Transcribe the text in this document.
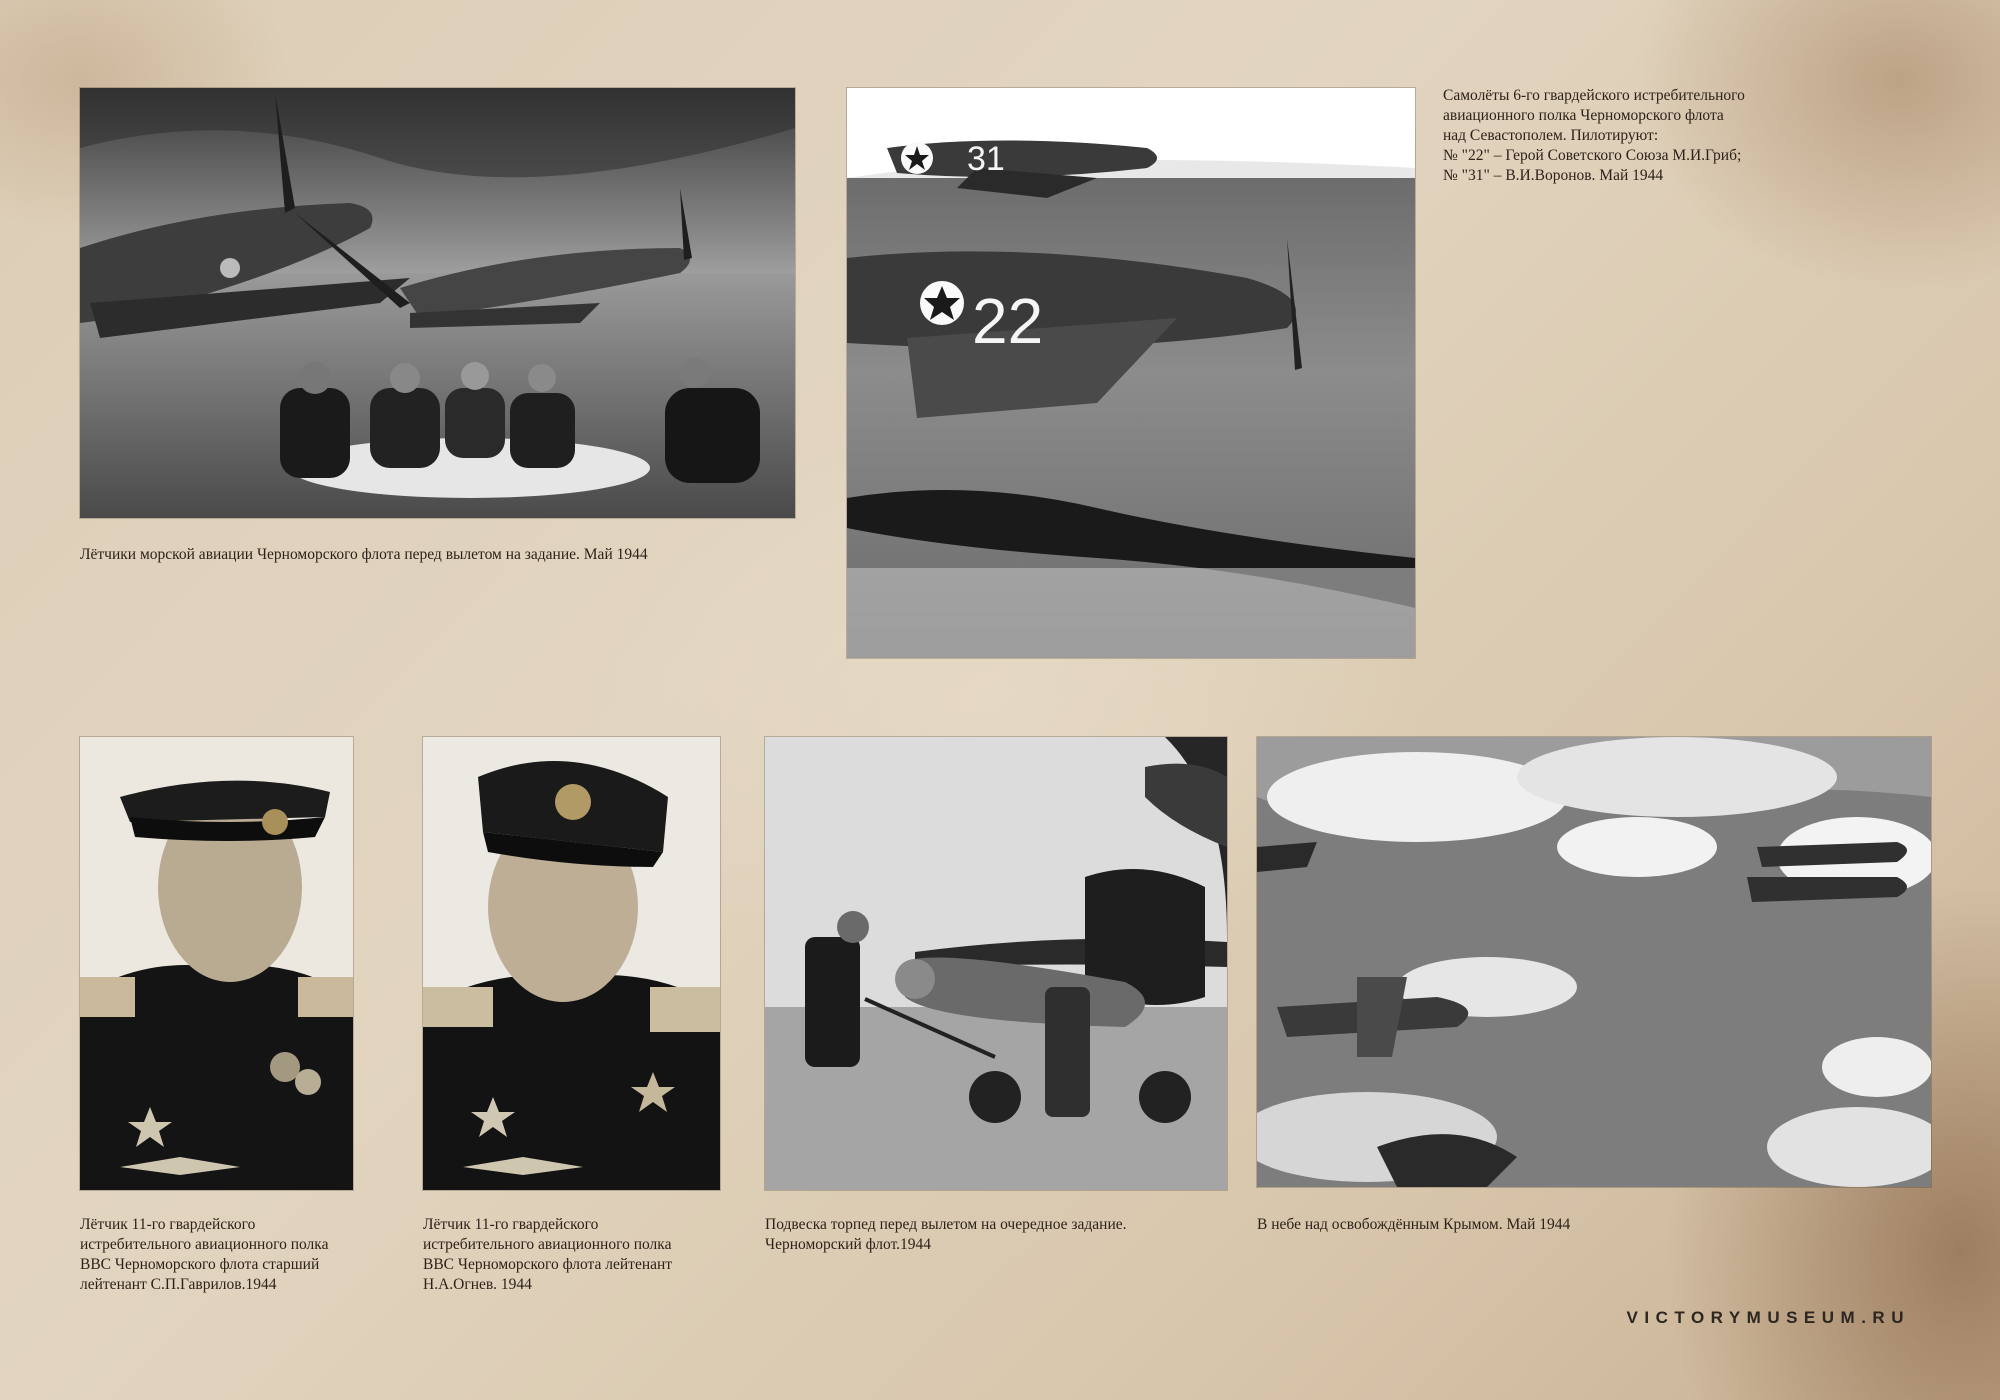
Лётчики морской авиации Черноморского флота перед вылетом на задание. Май 1944
31
22
Самолёты 6-го гвардейского истребительного
авиационного полка Черноморского флота
над Севастополем. Пилотируют:
№ "22" – Герой Советского Союза М.И.Гриб;
№ "31" – В.И.Воронов. Май 1944
Лётчик 11-го гвардейского
истребительного авиационного полка
ВВС Черноморского флота старший
лейтенант С.П.Гаврилов.1944
Лётчик 11-го гвардейского
истребительного авиационного полка
ВВС Черноморского флота лейтенант
Н.А.Огнев. 1944
Подвеска торпед перед вылетом на очередное задание.
Черноморский флот.1944
В небе над освобождённым Крымом. Май 1944
VICTORYMUSEUM.RU
